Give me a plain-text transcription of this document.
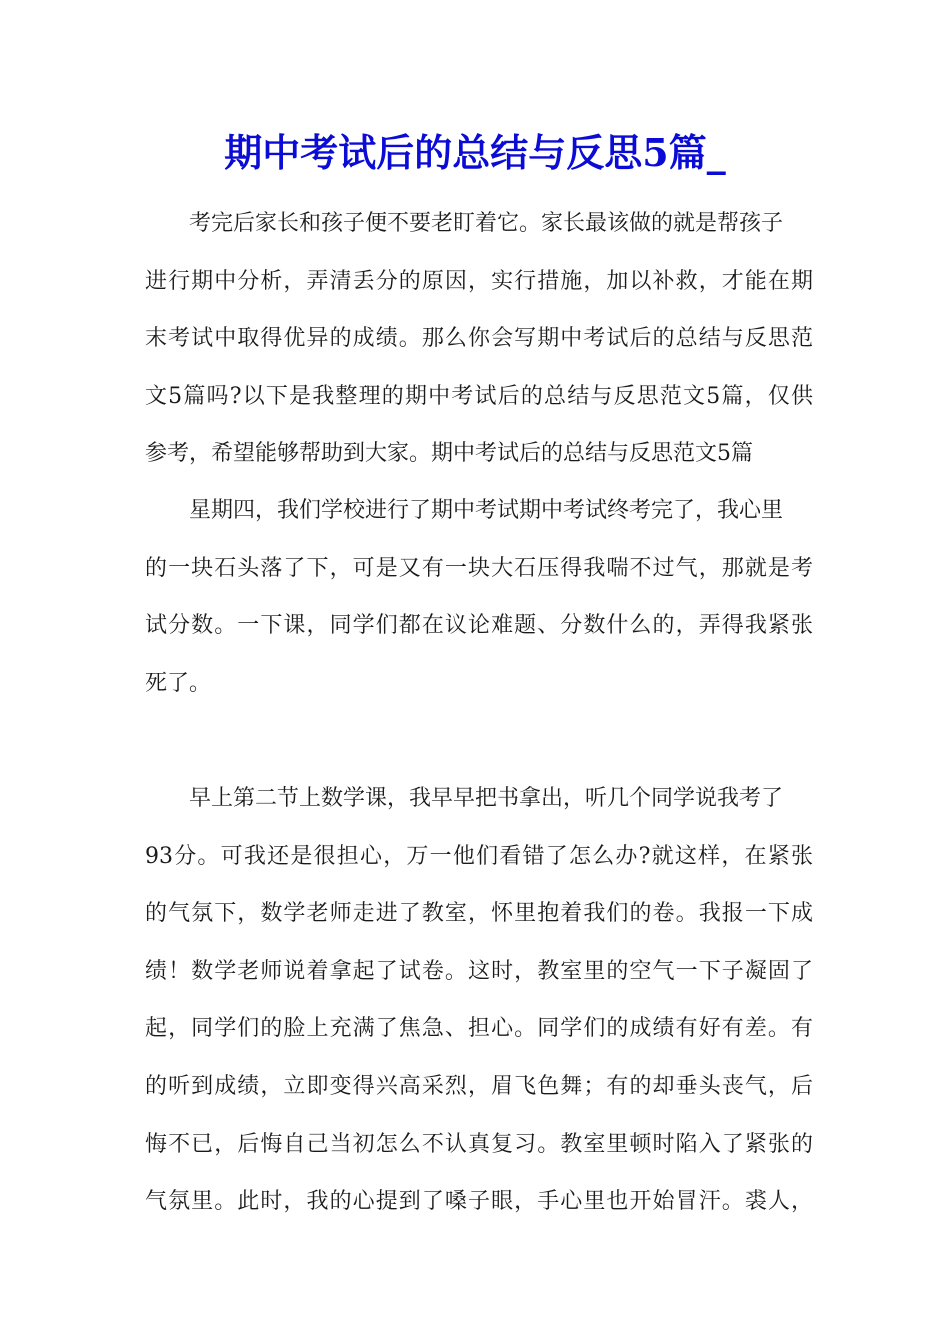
期中考试后的总结与反思5篇_
考完后家长和孩子便不要老盯着它。家长最该做的就是帮孩子
进行期中分析，弄清丢分的原因，实行措施，加以补救，才能在期
末考试中取得优异的成绩。那么你会写期中考试后的总结与反思范
文5篇吗?以下是我整理的期中考试后的总结与反思范文5篇，仅供
参考，希望能够帮助到大家。期中考试后的总结与反思范文5篇
星期四，我们学校进行了期中考试期中考试终考完了，我心里
的一块石头落了下，可是又有一块大石压得我喘不过气，那就是考
试分数。一下课，同学们都在议论难题、分数什么的，弄得我紧张
死了。
早上第二节上数学课，我早早把书拿出，听几个同学说我考了
93分。可我还是很担心，万一他们看错了怎么办?就这样，在紧张
的气氛下，数学老师走进了教室，怀里抱着我们的卷。我报一下成
绩！数学老师说着拿起了试卷。这时，教室里的空气一下子凝固了
起，同学们的脸上充满了焦急、担心。同学们的成绩有好有差。有
的听到成绩，立即变得兴高采烈，眉飞色舞；有的却垂头丧气，后
悔不已，后悔自己当初怎么不认真复习。教室里顿时陷入了紧张的
气氛里。此时，我的心提到了嗓子眼，手心里也开始冒汗。裘人，
